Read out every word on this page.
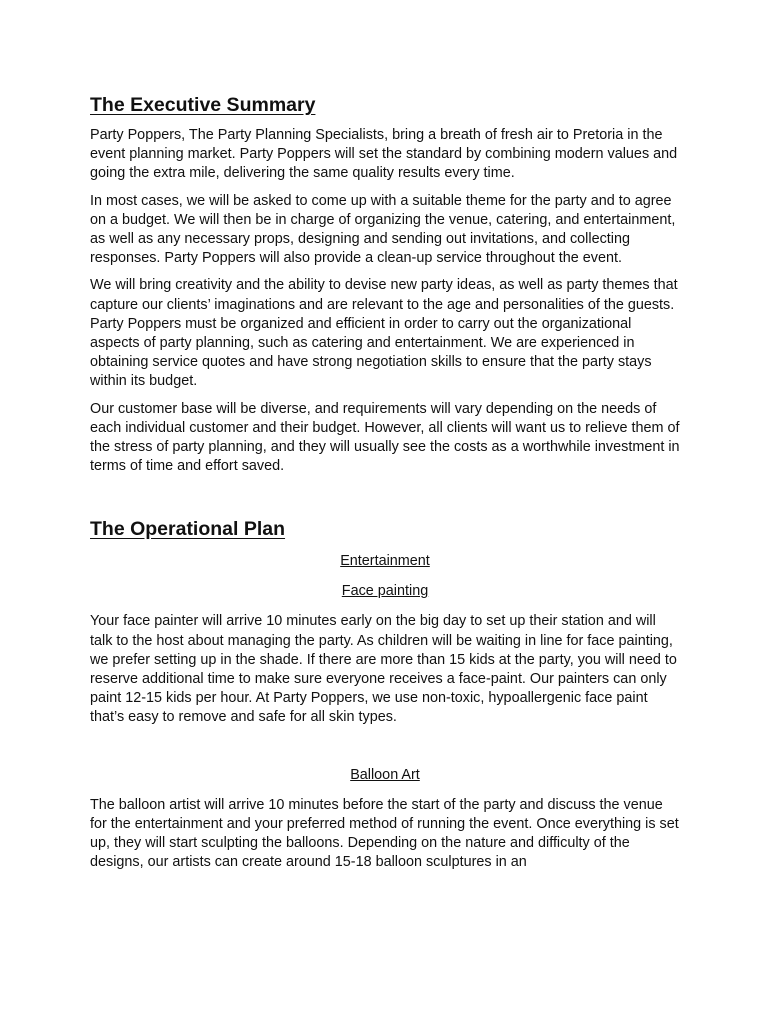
The Executive Summary

Party Poppers, The Party Planning Specialists, bring a breath of fresh air to Pretoria in the event planning market. Party Poppers will set the standard by combining modern values and going the extra mile, delivering the same quality results every time.

In most cases, we will be asked to come up with a suitable theme for the party and to agree on a budget. We will then be in charge of organizing the venue, catering, and entertainment, as well as any necessary props, designing and sending out invitations, and collecting responses. Party Poppers will also provide a clean-up service throughout the event.

We will bring creativity and the ability to devise new party ideas, as well as party themes that capture our clients’ imaginations and are relevant to the age and personalities of the guests. Party Poppers must be organized and efficient in order to carry out the organizational aspects of party planning, such as catering and entertainment. We are experienced in obtaining service quotes and have strong negotiation skills to ensure that the party stays within its budget.

Our customer base will be diverse, and requirements will vary depending on the needs of each individual customer and their budget. However, all clients will want us to relieve them of the stress of party planning, and they will usually see the costs as a worthwhile investment in terms of time and effort saved.

The Operational Plan
Entertainment
Face painting

Your face painter will arrive 10 minutes early on the big day to set up their station and will talk to the host about managing the party. As children will be waiting in line for face painting, we prefer setting up in the shade. If there are more than 15 kids at the party, you will need to reserve additional time to make sure everyone receives a face-paint. Our painters can only paint 12-15 kids per hour. At Party Poppers, we use non-toxic, hypoallergenic face paint that’s easy to remove and safe for all skin types.

Balloon Art

The balloon artist will arrive 10 minutes before the start of the party and discuss the venue for the entertainment and your preferred method of running the event. Once everything is set up, they will start sculpting the balloons. Depending on the nature and difficulty of the designs, our artists can create around 15-18 balloon sculptures in an
